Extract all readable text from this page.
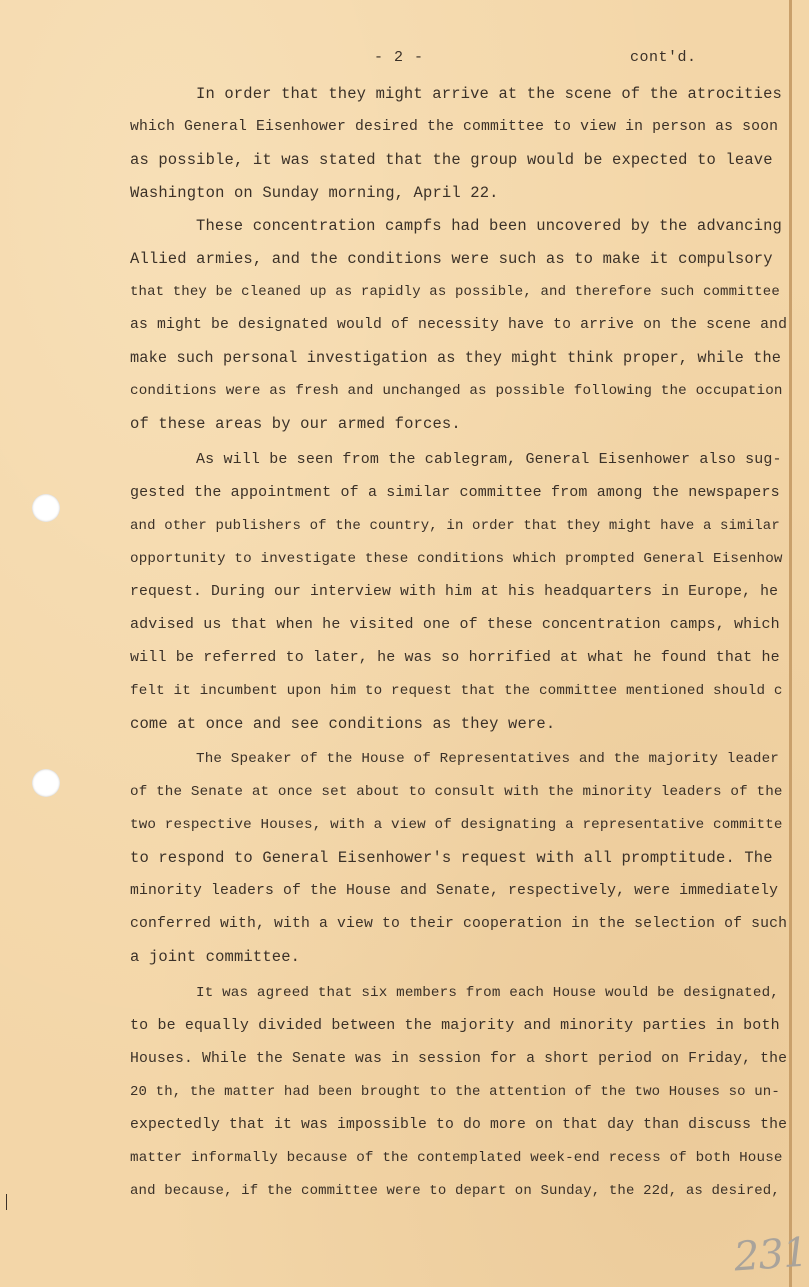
- 2 -	cont'd.
In order that they might arrive at the scene of the atrocities
which General Eisenhower desired the committee to view in person as soon
as possible, it was stated that the group would be expected to leave
Washington on Sunday morning, April 22.
These concentration campfs had been uncovered by the advancing
Allied armies, and the conditions were such as to make it compulsory
that they be cleaned up as rapidly as possible, and therefore such committee
as might be designated would of necessity have to arrive on the scene and
make such personal investigation as they might think proper, while the
conditions were as fresh and unchanged as possible following the occupation
of these areas by our armed forces.
As will be seen from the cablegram, General Eisenhower also sug-
gested the appointment of a similar committee from among the newspapers
and other publishers of the country, in order that they might have a similar
opportunity to investigate these conditions which prompted General Eisenhow
request. During our interview with him at his headquarters in Europe, he
advised us that when he visited one of these concentration camps, which
will be referred to later, he was so horrified at what he found that he
felt it incumbent upon him to request that the committee mentioned should c
come at once and see conditions as they were.
The Speaker of the House of Representatives and the majority leader
of the Senate at once set about to consult with the minority leaders of the
two respective Houses, with a view of designating a representative committe
to respond to General Eisenhower's request with all promptitude. The
minority leaders of the House and Senate, respectively, were immediately
conferred with, with a view to their cooperation in the selection of such
a joint committee.
It was agreed that six members from each House would be designated,
to be equally divided between the majority and minority parties in both
Houses. While the Senate was in session for a short period on Friday, the
20 th, the matter had been brought to the attention of the two Houses so un-
expectedly that it was impossible to do more on that day than discuss the
matter informally because of the contemplated week-end recess of both House
and because, if the committee were to depart on Sunday, the 22d, as desired,
231
